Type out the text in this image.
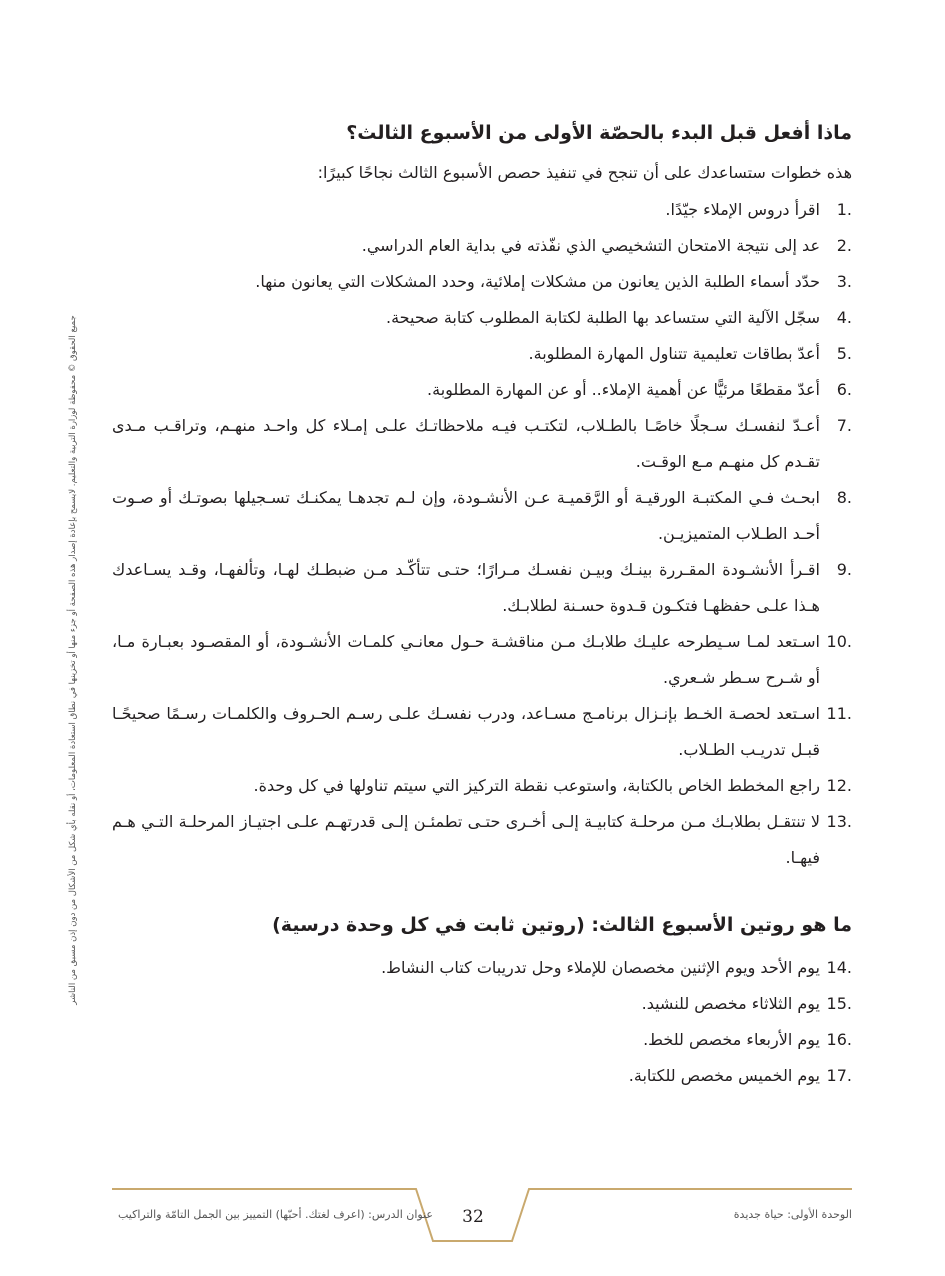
جميع الحقوق © محفوظة لوزارة التربية والتعليم. لايسمح بإعادة إصدار هذه الصفحة أو جزء منها أو تخزينها في نطاق استعادة المعلومات، أو نقله بأي شكل من الأشكال من دون إذن مسبق من الناشر
ماذا أفعل قبل البدء بالحصّة الأولى من الأسبوع الثالث؟

هذه خطوات ستساعدك على أن تنجح في تنفيذ حصص الأسبوع الثالث نجاحًا كبيرًا:

1.
اقرأ دروس الإملاء جيّدًا.
2.
عد إلى نتيجة الامتحان التشخيصي الذي نفّذته في بداية العام الدراسي.
3.
حدّد أسماء الطلبة الذين يعانون من مشكلات إملائية، وحدد المشكلات التي يعانون منها.
4.
سجّل الآلية التي ستساعد بها الطلبة لكتابة المطلوب كتابة صحيحة.
5.
أعدّ بطاقات تعليمية تتناول المهارة المطلوبة.
6.
أعدّ مقطعًا مرئيًّا عن أهمية الإملاء.. أو عن المهارة المطلوبة.
7.
أعـدّ لنفسـك سـجلًا خاصًـا بالطـلاب، لتكتـب فيـه ملاحظاتـك علـى إمـلاء كل واحـد منهـم، وتراقـب مـدى تقـدم كل منهـم مـع الوقـت.
8.
ابحـث فـي المكتبـة الورقيـة أو الرَّقميـة عـن الأنشـودة، وإن لـم تجدهـا يمكنـك تسـجيلها بصوتـك أو صـوت أحـد الطـلاب المتميزيـن.
9.
اقـرأ الأنشـودة المقـررة بينـك وبيـن نفسـك مـرارًا؛ حتـى تتأكّـد مـن ضبطـك لهـا، وتألفهـا، وقـد يسـاعدك هـذا علـى حفظهـا فتكـون قـدوة حسـنة لطلابـك.
10.
اسـتعد لمـا سـيطرحه عليـك طلابـك مـن مناقشـة حـول معانـي كلمـات الأنشـودة، أو المقصـود بعبـارة مـا، أو شـرح سـطر شـعري.
11.
اسـتعد لحصـة الخـط بإنـزال برنامـج مسـاعد، ودرب نفسـك علـى رسـم الحـروف والكلمـات رسـمًا صحيحًـا قبـل تدريـب الطـلاب.
12.
راجع المخطط الخاص بالكتابة، واستوعب نقطة التركيز التي سيتم تناولها في كل وحدة.
13.
لا تنتقـل بطلابـك مـن مرحلـة كتابيـة إلـى أخـرى حتـى تطمئـن إلـى قدرتهـم علـى اجتيـاز المرحلـة التـي هـم فيهـا.
ما هو روتين الأسبوع الثالث: (روتين ثابت في كل وحدة درسية)
14.
يوم الأحد ويوم الإثنين مخصصان للإملاء وحل تدريبات كتاب النشاط.
15.
يوم الثلاثاء مخصص للنشيد.
16.
يوم الأربعاء مخصص للخط.
17.
يوم الخميس مخصص للكتابة.
عنوان الدرس: (اعرف لغتك. أحبّها) التمييز بين الجمل التامّة والتراكيب	32	الوحدة الأولى: حياة جديدة
